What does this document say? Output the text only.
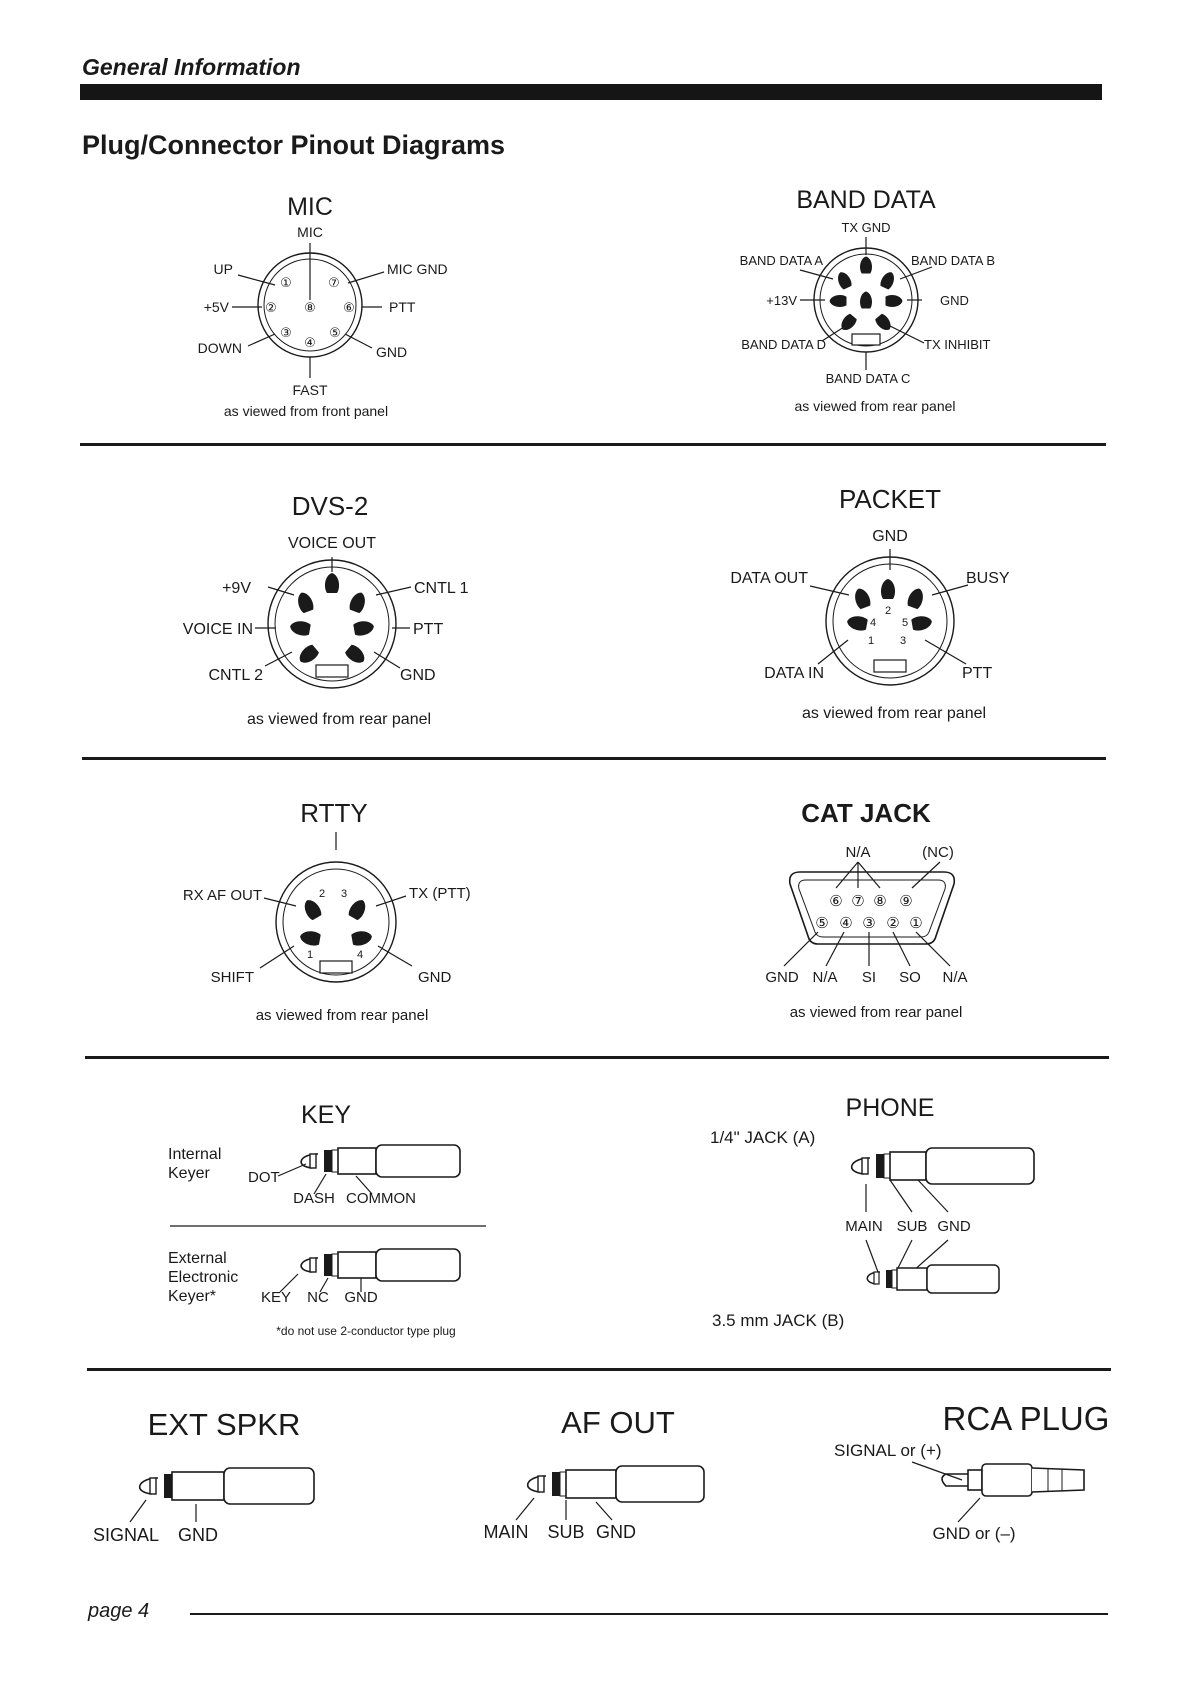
General Information
Plug/Connector Pinout Diagrams
MIC
MIC
①
②
③
④
⑤
⑥
⑦
⑧
UP
+5V
DOWN
FAST
MIC GND
PTT
GND
as viewed from front panel
BAND DATA
TX GND
BAND DATA A	BAND DATA B
+13V	GND
BAND DATA D	TX INHIBIT
BAND DATA C
as viewed from rear panel
DVS-2
VOICE OUT
+9V	CNTL 1
VOICE IN	PTT
CNTL 2	GND
as viewed from rear panel
PACKET
GND
2
4 5
1 3
DATA OUT	BUSY
DATA IN	PTT
as viewed from rear panel
RTTY
2 3
1	4
RX AF OUT	TX (PTT)
SHIFT	GND
as viewed from rear panel
CAT JACK
N/A	(NC)
⑥ ⑦ ⑧ ⑨
⑤ ④ ③ ② ①
GND N/A SI SO N/A
as viewed from rear panel
KEY
Internal
Keyer	DOT
DASH COMMON
External
Electronic
Keyer*	KEY NC GND
*do not use 2-conductor type plug
PHONE
1/4" JACK (A)
MAIN SUB GND
3.5 mm JACK (B)
EXT SPKR
SIGNAL GND
AF OUT
MAIN SUB GND
RCA PLUG
SIGNAL or (+)
GND or (–)
page 4
